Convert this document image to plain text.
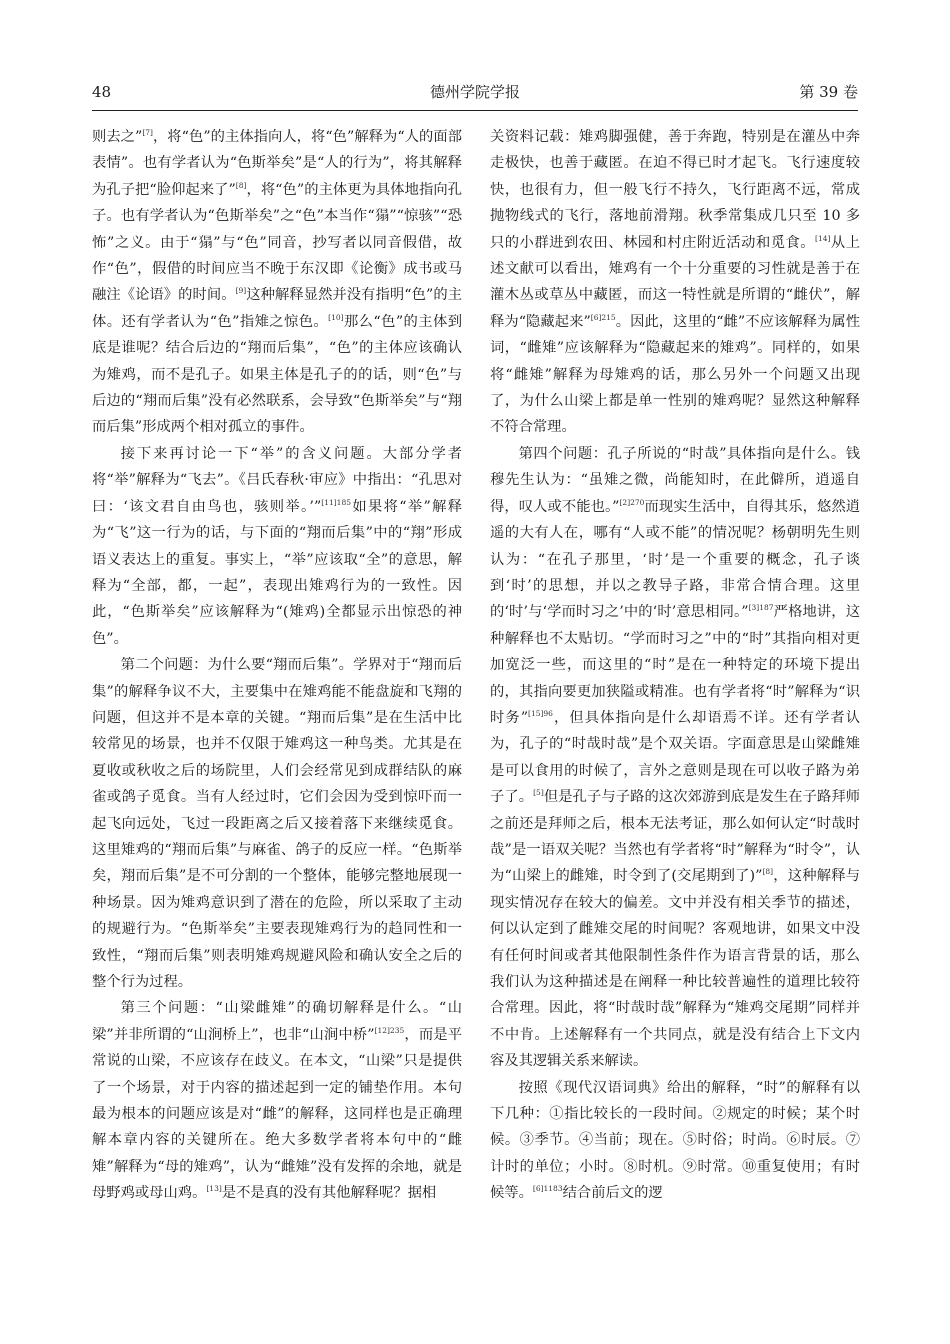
48	德州学院学报	第 39 卷

则去之”[7]，将“色”的主体指向人，将“色”解释为“人的面部表情”。也有学者认为“色斯举矣”是“人的行为”，将其解释为孔子把“脸仰起来了”[8]，将“色”的主体更为具体地指向孔子。也有学者认为“色斯举矣”之“色”本当作“𤠐”“惊骇”“恐怖”之义。由于“𤠐”与“色”同音，抄写者以同音假借，故作“色”，假借的时间应当不晚于东汉即《论衡》成书或马融注《论语》的时间。[9]这种解释显然并没有指明“色”的主体。还有学者认为“色”指雉之惊色。[10]那么“色”的主体到底是谁呢？结合后边的“翔而后集”，“色”的主体应该确认为雉鸡，而不是孔子。如果主体是孔子的的话，则“色”与后边的“翔而后集”没有必然联系，会导致“色斯举矣”与“翔而后集”形成两个相对孤立的事件。

接下来再讨论一下“举”的含义问题。大部分学者将“举”解释为“飞去”。《吕氏春秋·审应》中指出：“孔思对曰：‘该文君自由鸟也，骇则举。’”$^{[11]185}$如果将“举”解释为“飞”这一行为的话，与下面的“翔而后集”中的“翔”形成语义表达上的重复。事实上，“举”应该取“全”的意思，解释为“全部，都，一起”，表现出雉鸡行为的一致性。因此，“色斯举矣”应该解释为“(雉鸡)全都显示出惊恐的神色”。

第二个问题：为什么要“翔而后集”。学界对于“翔而后集”的解释争议不大，主要集中在雉鸡能不能盘旋和飞翔的问题，但这并不是本章的关键。“翔而后集”是在生活中比较常见的场景，也并不仅限于雉鸡这一种鸟类。尤其是在夏收或秋收之后的场院里，人们会经常见到成群结队的麻雀或鸽子觅食。当有人经过时，它们会因为受到惊吓而一起飞向远处，飞过一段距离之后又接着落下来继续觅食。这里雉鸡的“翔而后集”与麻雀、鸽子的反应一样。“色斯举矣，翔而后集”是不可分割的一个整体，能够完整地展现一种场景。因为雉鸡意识到了潜在的危险，所以采取了主动的规避行为。“色斯举矣”主要表现雉鸡行为的趋同性和一致性，“翔而后集”则表明雉鸡规避风险和确认安全之后的整个行为过程。

第三个问题：“山梁雌雉”的确切解释是什么。“山梁”并非所谓的“山涧桥上”，也非“山涧中桥”$^{[12]235}$，而是平常说的山梁，不应该存在歧义。在本文，“山梁”只是提供了一个场景，对于内容的描述起到一定的铺垫作用。本句最为根本的问题应该是对“雌”的解释，这同样也是正确理解本章内容的关键所在。绝大多数学者将本句中的“雌雉”解释为“母的雉鸡”，认为“雌雉”没有发挥的余地，就是母野鸡或母山鸡。[13]是不是真的没有其他解释呢？据相

关资料记载：雉鸡脚强健，善于奔跑，特别是在灌丛中奔走极快，也善于藏匿。在迫不得已时才起飞。飞行速度较快，也很有力，但一般飞行不持久，飞行距离不远，常成抛物线式的飞行，落地前滑翔。秋季常集成几只至 10 多只的小群进到农田、林园和村庄附近活动和觅食。[14]从上述文献可以看出，雉鸡有一个十分重要的习性就是善于在灌木丛或草丛中藏匿，而这一特性就是所谓的“雌伏”，解释为“隐藏起来”$^{[6]215}$。因此，这里的“雌”不应该解释为属性词，“雌雉”应该解释为“隐藏起来的雉鸡”。同样的，如果将“雌雉”解释为母雉鸡的话，那么另外一个问题又出现了，为什么山梁上都是单一性别的雉鸡呢？显然这种解释不符合常理。

第四个问题：孔子所说的“时哉”具体指向是什么。钱穆先生认为：“虽雉之微，尚能知时，在此僻所，逍遥自得，叹人或不能也。”$^{[2]270}$而现实生活中，自得其乐，悠然逍遥的大有人在，哪有“人或不能”的情况呢？杨朝明先生则认为：“在孔子那里，‘时’是一个重要的概念，孔子谈到‘时’的思想，并以之教导子路，非常合情合理。这里的‘时’与‘学而时习之’中的‘时’意思相同。”$^{[3]187}$严格地讲，这种解释也不太贴切。“学而时习之”中的“时”其指向相对更加宽泛一些，而这里的“时”是在一种特定的环境下提出的，其指向要更加狭隘或精准。也有学者将“时”解释为“识时务”$^{[15]96}$，但具体指向是什么却语焉不详。还有学者认为，孔子的“时哉时哉”是个双关语。字面意思是山梁雌雉是可以食用的时候了，言外之意则是现在可以收子路为弟子了。[5]但是孔子与子路的这次郊游到底是发生在子路拜师之前还是拜师之后，根本无法考证，那么如何认定“时哉时哉”是一语双关呢？当然也有学者将“时”解释为“时令”，认为“山梁上的雌雉，时令到了(交尾期到了)”[8]，这种解释与现实情况存在较大的偏差。文中并没有相关季节的描述，何以认定到了雌雉交尾的时间呢？客观地讲，如果文中没有任何时间或者其他限制性条件作为语言背景的话，那么我们认为这种描述是在阐释一种比较普遍性的道理比较符合常理。因此，将“时哉时哉”解释为“雉鸡交尾期”同样并不中肯。上述解释有一个共同点，就是没有结合上下文内容及其逻辑关系来解读。

按照《现代汉语词典》给出的解释，“时”的解释有以下几种：①指比较长的一段时间。②规定的时候；某个时候。③季节。④当前；现在。⑤时俗；时尚。⑥时辰。⑦计时的单位；小时。⑧时机。⑨时常。⑩重复使用；有时候等。$^{[6]1183}$结合前后文的逻
